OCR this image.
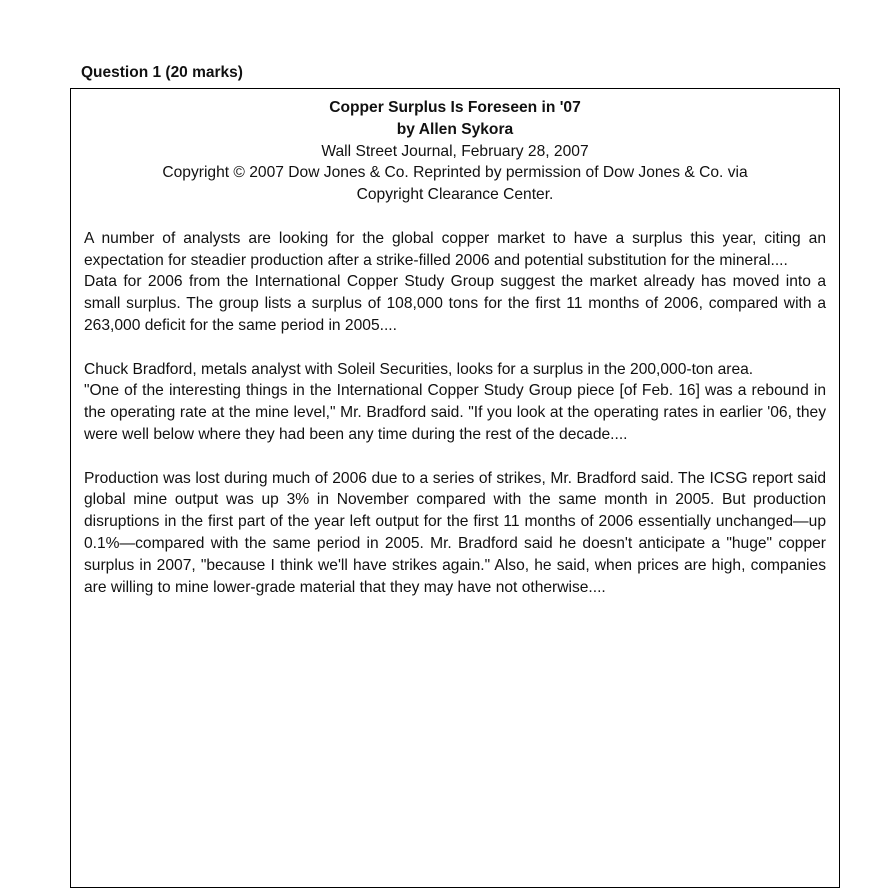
Question 1 (20 marks)
Copper Surplus Is Foreseen in '07
by Allen Sykora
Wall Street Journal, February 28, 2007
Copyright © 2007 Dow Jones & Co. Reprinted by permission of Dow Jones & Co. via
Copyright Clearance Center.

A number of analysts are looking for the global copper market to have a surplus this year, citing an expectation for steadier production after a strike-filled 2006 and potential substitution for the mineral....

Data for 2006 from the International Copper Study Group suggest the market already has moved into a small surplus. The group lists a surplus of 108,000 tons for the first 11 months of 2006, compared with a 263,000 deficit for the same period in 2005....

Chuck Bradford, metals analyst with Soleil Securities, looks for a surplus in the 200,000-ton area.

"One of the interesting things in the International Copper Study Group piece [of Feb. 16] was a rebound in the operating rate at the mine level," Mr. Bradford said. "If you look at the operating rates in earlier '06, they were well below where they had been any time during the rest of the decade....

Production was lost during much of 2006 due to a series of strikes, Mr. Bradford said. The ICSG report said global mine output was up 3% in November compared with the same month in 2005. But production disruptions in the first part of the year left output for the first 11 months of 2006 essentially unchanged—up 0.1%—compared with the same period in 2005. Mr. Bradford said he doesn't anticipate a "huge" copper surplus in 2007, "because I think we'll have strikes again." Also, he said, when prices are high, companies are willing to mine lower-grade material that they may have not otherwise....
